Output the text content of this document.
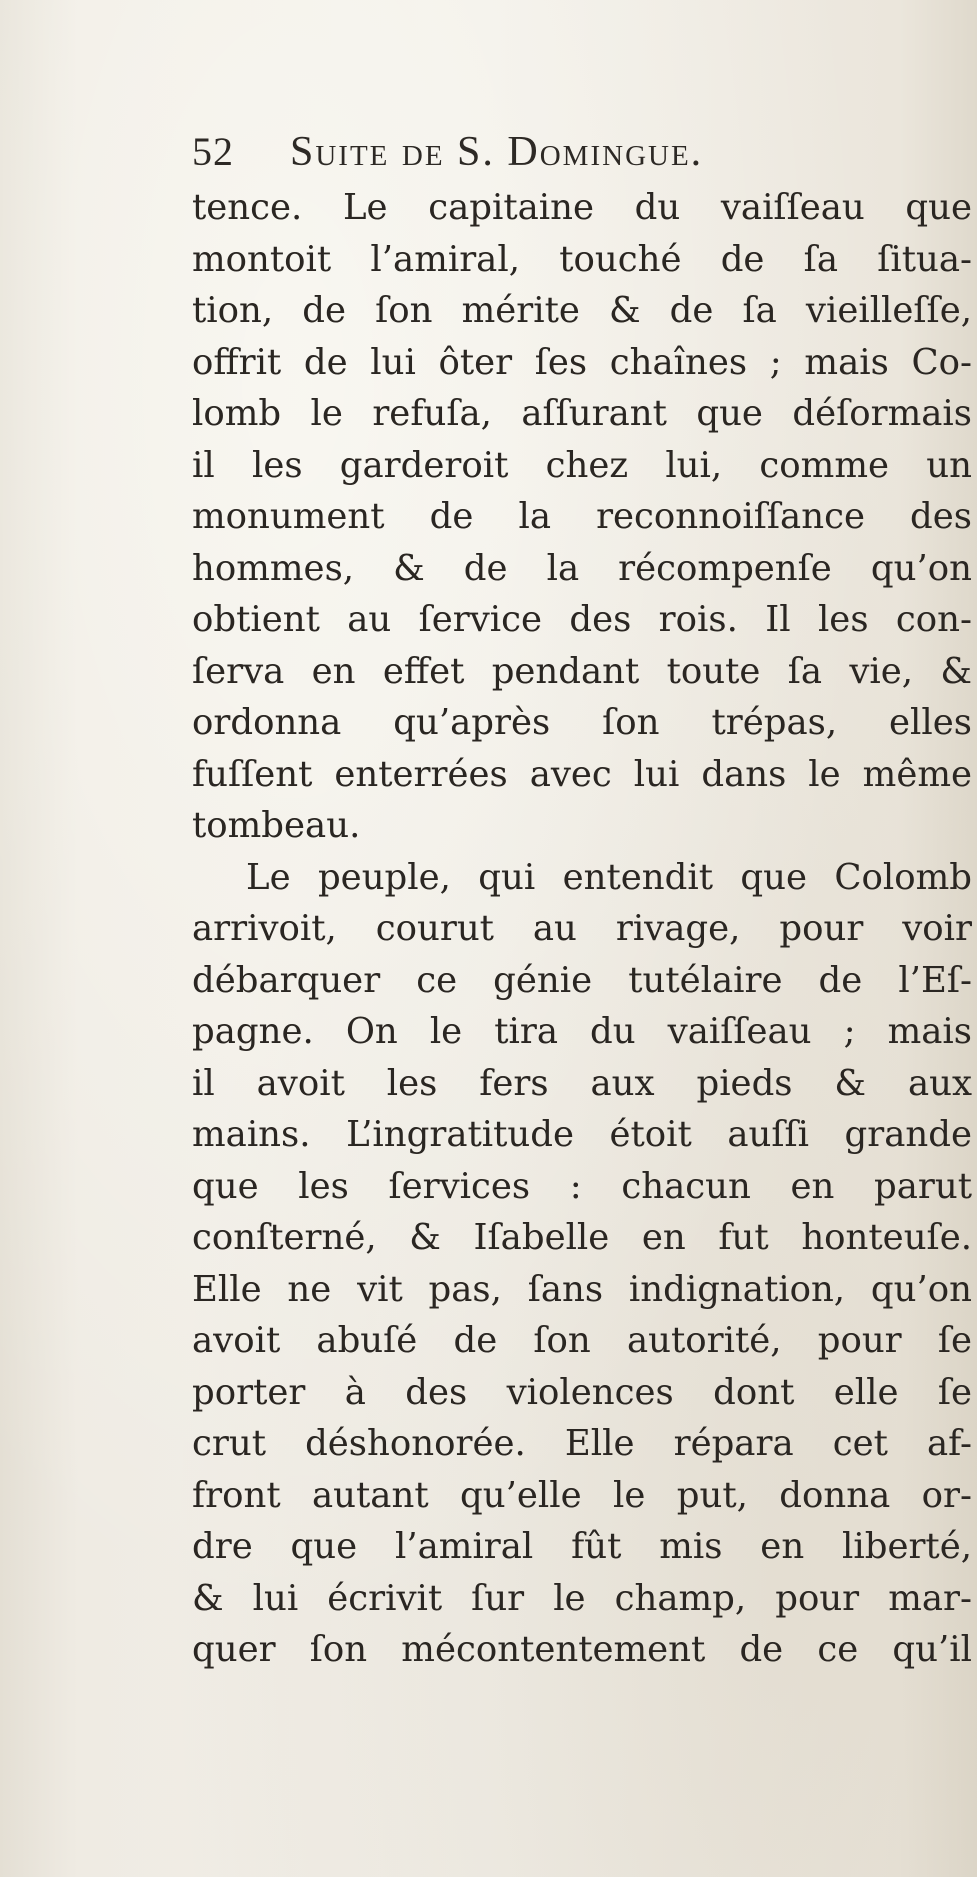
52 Suite de S. Domingue.
tence. Le capitaine du vaiſſeau que
montoit l’amiral, touché de ſa ſitua-
tion, de ſon mérite & de ſa vieilleſſe,
offrit de lui ôter ſes chaînes ; mais Co-
lomb le refuſa, aſſurant que déſormais
il les garderoit chez lui, comme un
monument de la reconnoiſſance des
hommes, & de la récompenſe qu’on
obtient au ſervice des rois. Il les con-
ſerva en effet pendant toute ſa vie, &
ordonna qu’après ſon trépas, elles
fuſſent enterrées avec lui dans le même
tombeau.
Le peuple, qui entendit que Colomb
arrivoit, courut au rivage, pour voir
débarquer ce génie tutélaire de l’Eſ-
pagne. On le tira du vaiſſeau ; mais
il avoit les fers aux pieds & aux
mains. L’ingratitude étoit auſſi grande
que les ſervices : chacun en parut
conſterné, & Iſabelle en fut honteuſe.
Elle ne vit pas, ſans indignation, qu’on
avoit abuſé de ſon autorité, pour ſe
porter à des violences dont elle ſe
crut déshonorée. Elle répara cet af-
front autant qu’elle le put, donna or-
dre que l’amiral fût mis en liberté,
& lui écrivit ſur le champ, pour mar-
quer ſon mécontentement de ce qu’il
